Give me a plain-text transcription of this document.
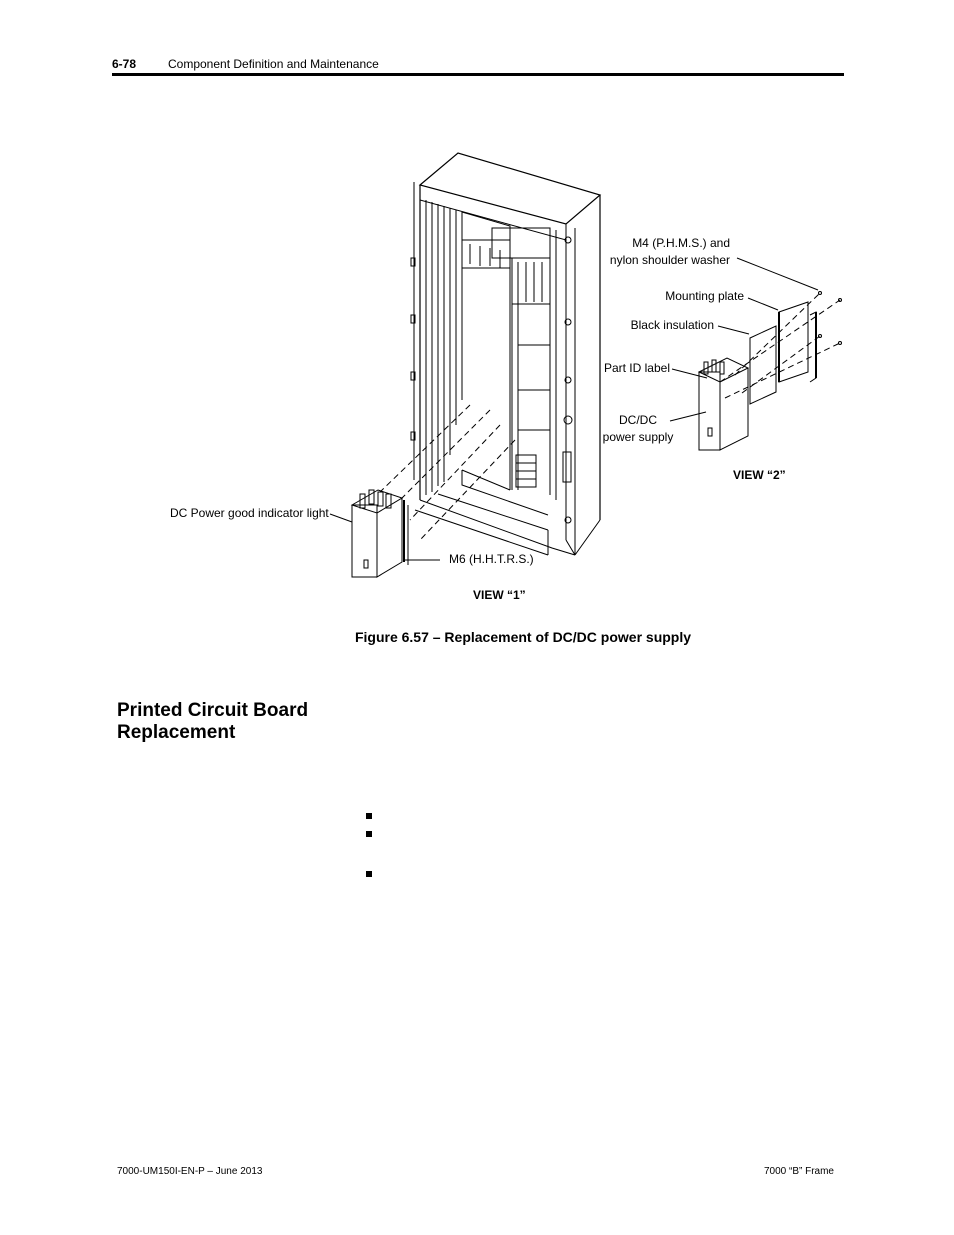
6-78	Component Definition and Maintenance
M4 (P.H.M.S.) and
nylon shoulder washer
Mounting plate
Black insulation
Part ID label
DC/DC
power supply
VIEW “2”
DC Power good indicator light
M6 (H.H.T.R.S.)
VIEW “1”
Figure 6.57 – Replacement of DC/DC power supply
Printed Circuit Board
Replacement
7000-UM150I-EN-P – June 2013	7000 “B” Frame
